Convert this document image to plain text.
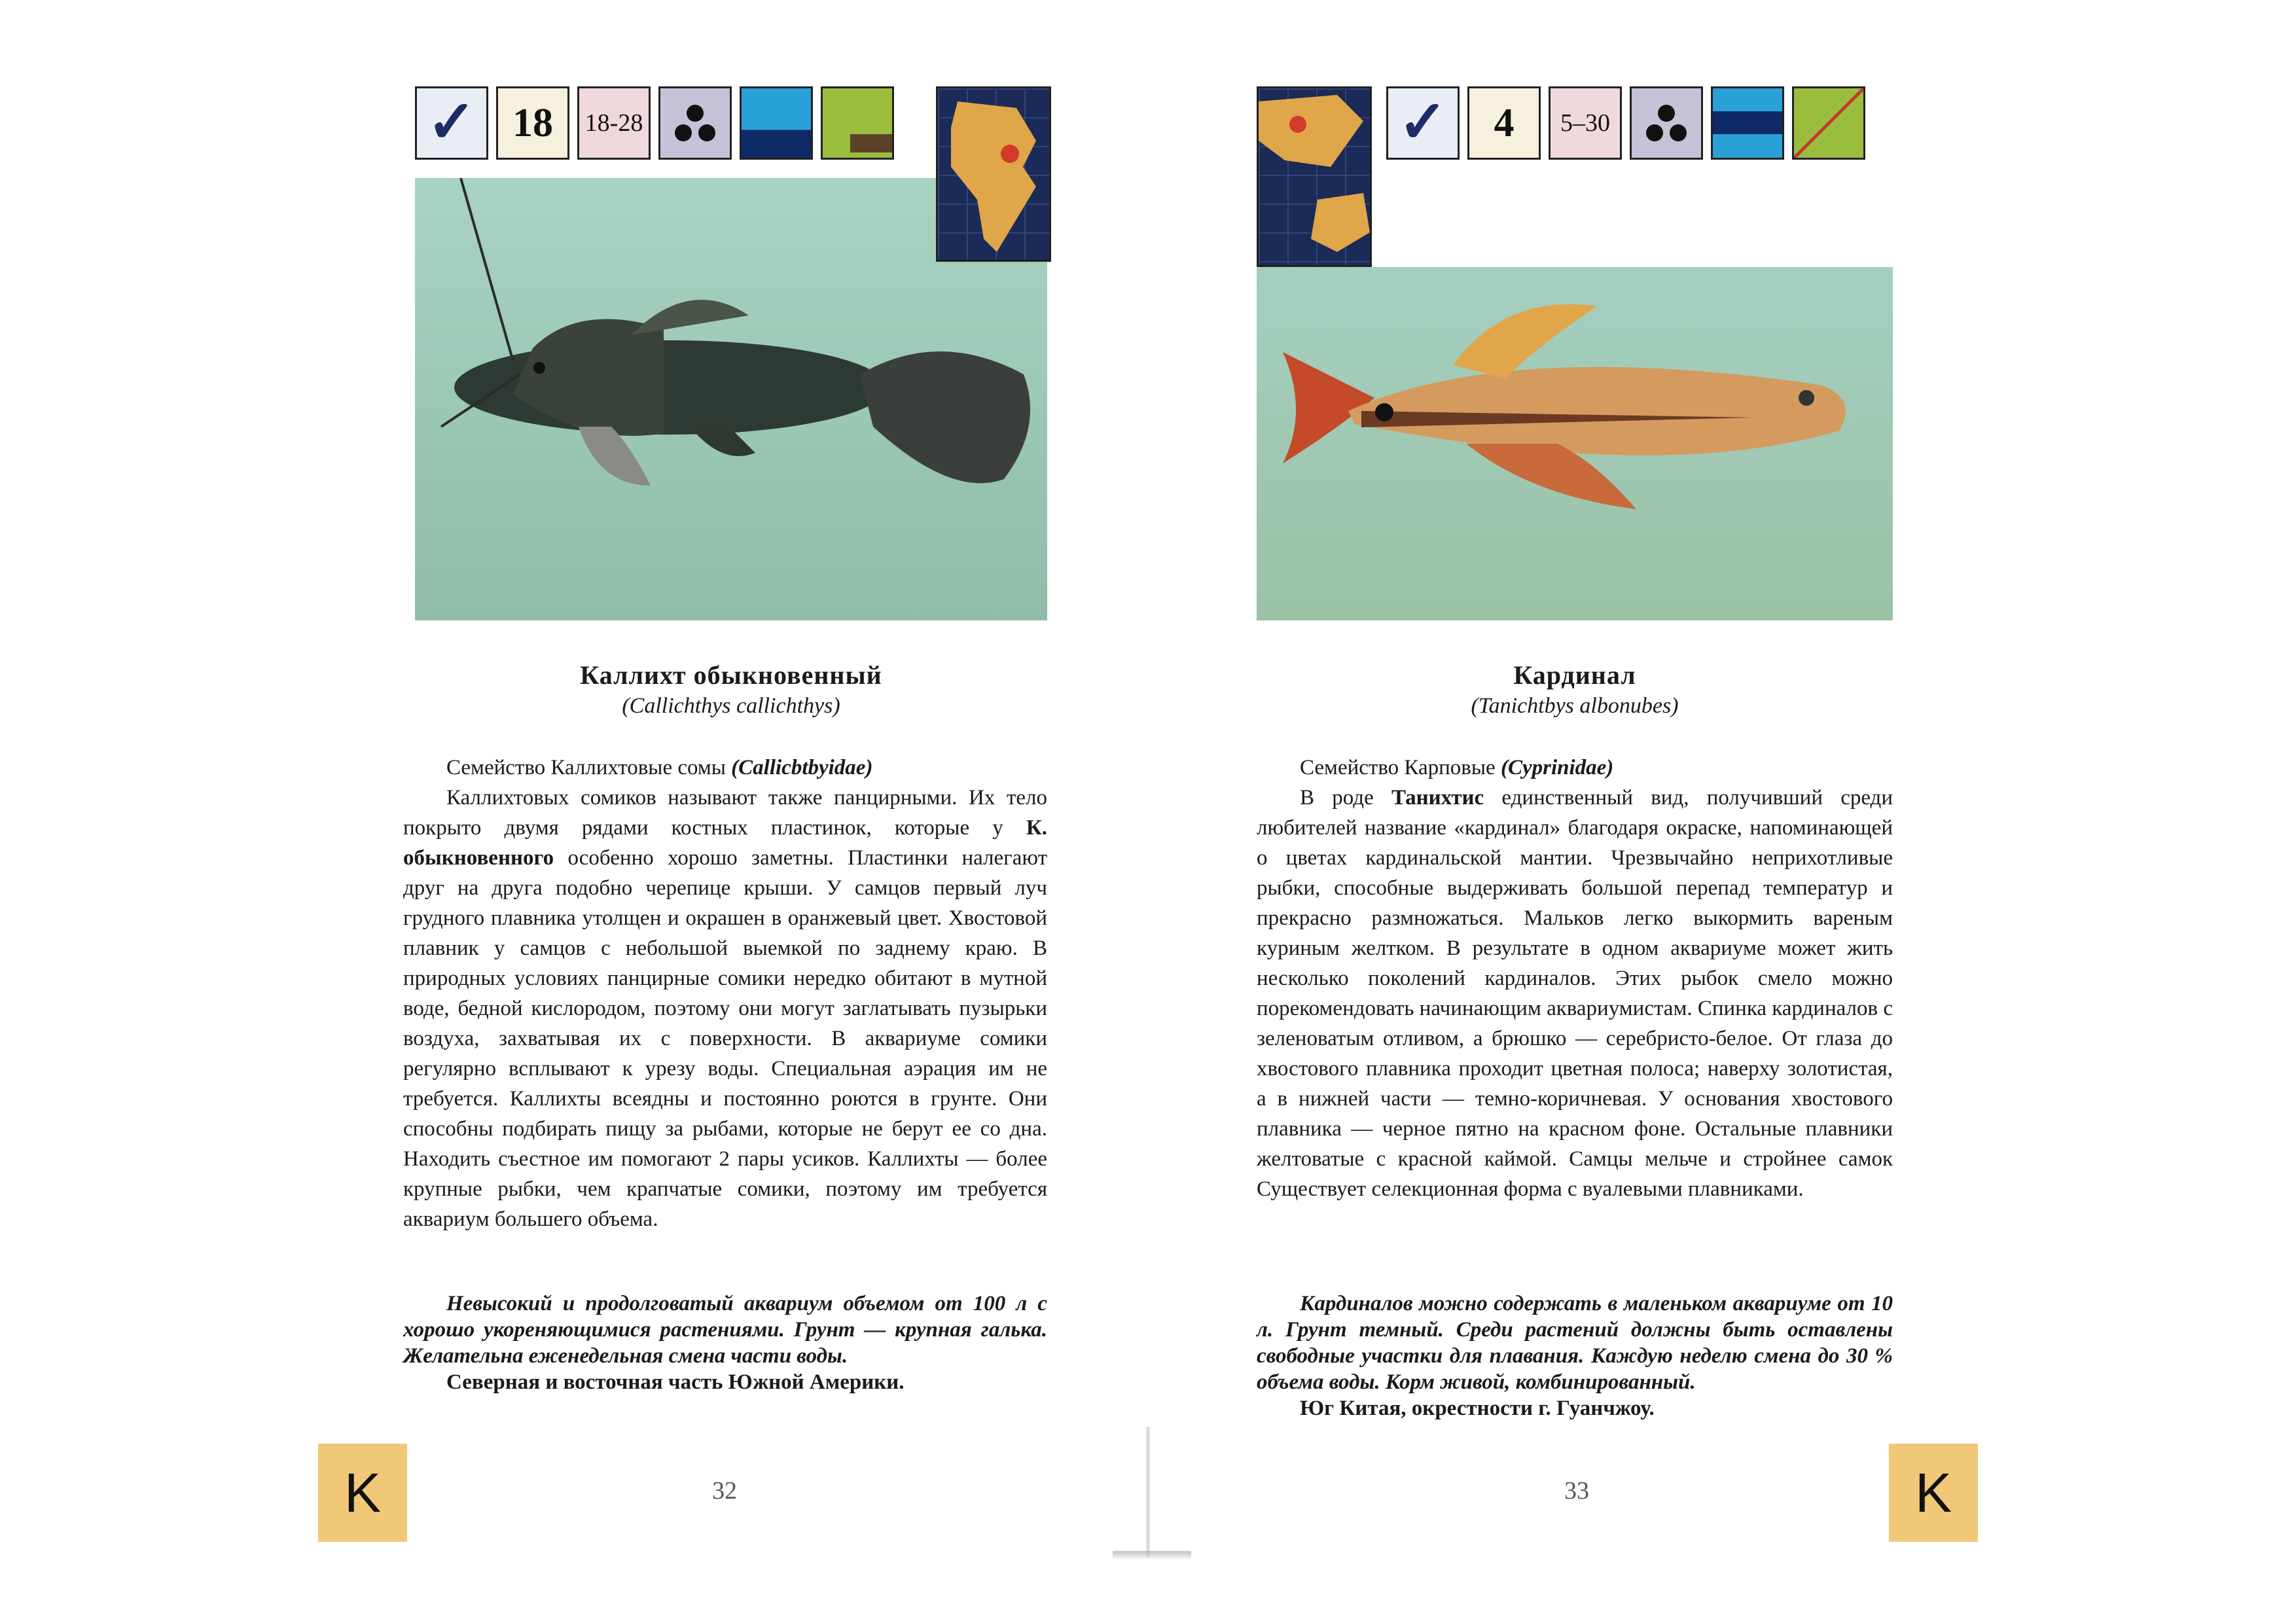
✓ 18 18-28
Каллихт обыкновенный
(Callichthys callichthys)

Семейство Каллихтовые сомы (Callicbtbyidae)

Каллихтовых сомиков называют также панцирными. Их тело покрыто двумя рядами костных пластинок, которые у К. обыкновенного особенно хорошо заметны. Пластинки налегают друг на друга подобно черепице крыши. У самцов первый луч грудного плавника утолщен и окрашен в оранжевый цвет. Хвостовой плавник у самцов с небольшой выемкой по заднему краю. В природных условиях панцирные сомики нередко обитают в мутной воде, бедной кислородом, поэтому они могут заглатывать пузырьки воздуха, захватывая их с поверхности. В аквариуме сомики регулярно всплывают к урезу воды. Специальная аэрация им не требуется. Каллихты всеядны и постоянно роются в грунте. Они способны подбирать пищу за рыбами, которые не берут ее со дна. Находить съестное им помогают 2 пары усиков. Каллихты — более крупные рыбки, чем крапчатые сомики, поэтому им требуется аквариум большего объема.

Невысокий и продолговатый аквариум объемом от 100 л с хорошо укореняющимися растениями. Грунт — крупная галька. Желательна еженедельная смена части воды.

Северная и восточная часть Южной Америки.

32
K
✓ 4 5–30
Кардинал
(Tanichtbys albonubes)

Семейство Карповые (Cyprinidae)

В роде Танихтис единственный вид, получивший среди любителей название «кардинал» благодаря окраске, напоминающей о цветах кардинальской мантии. Чрезвычайно неприхотливые рыбки, способные выдерживать большой перепад температур и прекрасно размножаться. Мальков легко выкормить вареным куриным желтком. В результате в одном аквариуме может жить несколько поколений кардиналов. Этих рыбок смело можно порекомендовать начинающим аквариумистам. Спинка кардиналов с зеленоватым отливом, а брюшко — серебристо-белое. От глаза до хвостового плавника проходит цветная полоса; наверху золотистая, а в нижней части — темно-коричневая. У основания хвостового плавника — черное пятно на красном фоне. Остальные плавники желтоватые с красной каймой. Самцы мельче и стройнее самок Существует селекционная форма с вуалевыми плавниками.

Кардиналов можно содержать в маленьком аквариуме от 10 л. Грунт темный. Среди растений должны быть оставлены свободные участки для плавания. Каждую неделю смена до 30 % объема воды. Корм живой, комбинированный.

Юг Китая, окрестности г. Гуанчжоу.

33	K
